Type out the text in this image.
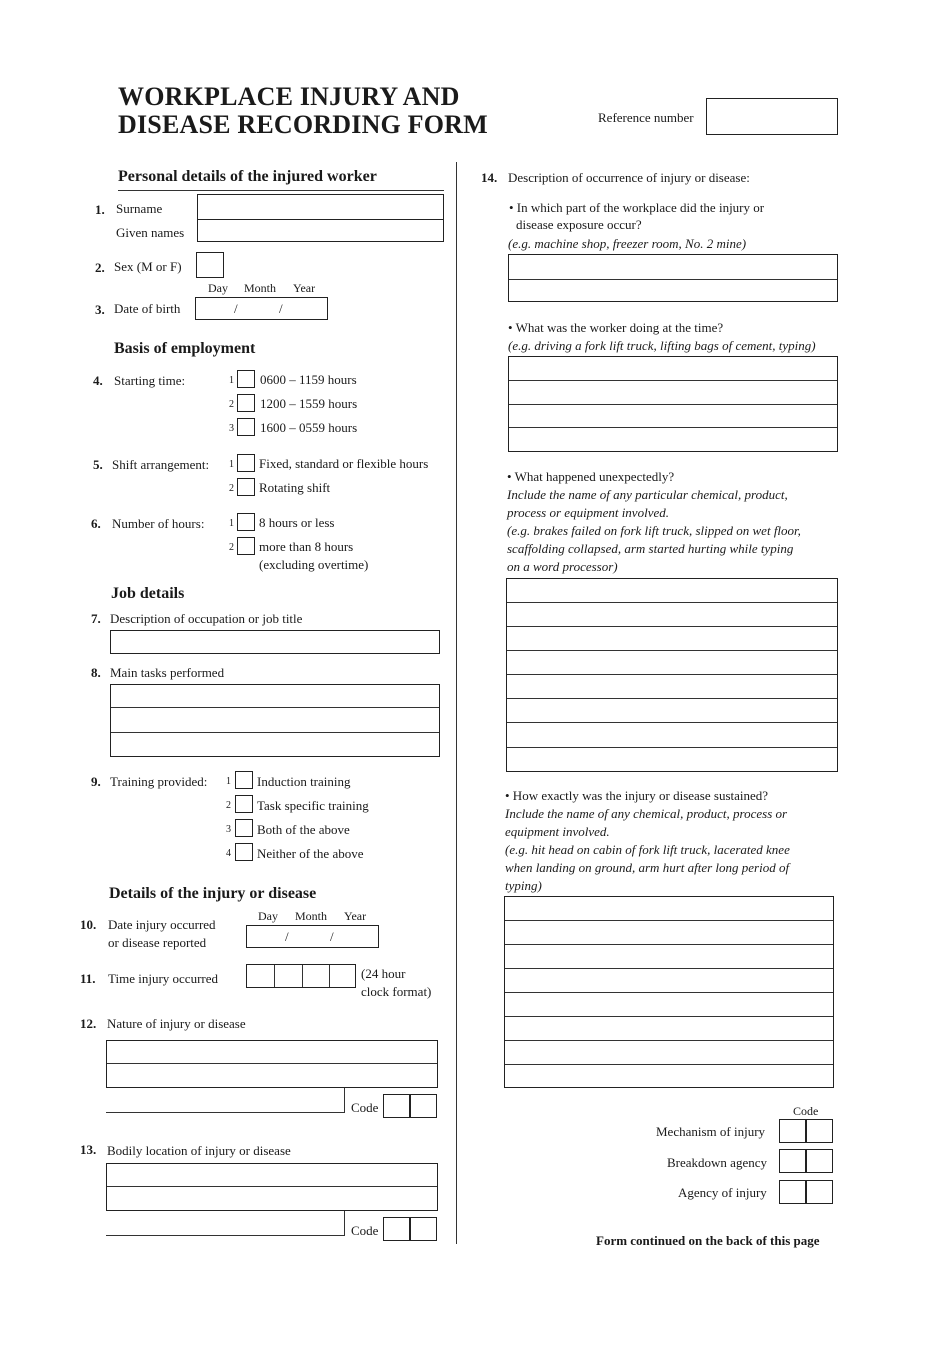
WORKPLACE INJURY AND
DISEASE RECORDING FORM	Reference number
Personal details of the injured worker
1. Surname
Given names
2. Sex (M or F)
Day Month Year
3. Date of birth	/	/
Basis of employment
4. Starting time:	1 0600 – 1159 hours
2 1200 – 1559 hours
3 1600 – 0559 hours
5. Shift arrangement: 1 Fixed, standard or flexible hours
2 Rotating shift
6. Number of hours: 1 8 hours or less
2 more than 8 hours
(excluding overtime)
Job details
7. Description of occupation or job title
8. Main tasks performed
9. Training provided: 1 Induction training
2 Task specific training
3 Both of the above
4 Neither of the above
Details of the injury or disease
Day Month Year
10. Date injury occurred
or disease reported	/	/
11. Time injury occurred	(24 hour
clock format)
12. Nature of injury or disease
Code
13. Bodily location of injury or disease
Code
14. Description of occurrence of injury or disease:
• In which part of the workplace did the injury or
disease exposure occur?
(e.g. machine shop, freezer room, No. 2 mine)
• What was the worker doing at the time?
(e.g. driving a fork lift truck, lifting bags of cement, typing)
• What happened unexpectedly?
Include the name of any particular chemical, product,
process or equipment involved.
(e.g. brakes failed on fork lift truck, slipped on wet floor,
scaffolding collapsed, arm started hurting while typing
on a word processor)
• How exactly was the injury or disease sustained?
Include the name of any chemical, product, process or
equipment involved.
(e.g. hit head on cabin of fork lift truck, lacerated knee
when landing on ground, arm hurt after long period of
typing)
Code
Mechanism of injury
Breakdown agency
Agency of injury
Form continued on the back of this page
